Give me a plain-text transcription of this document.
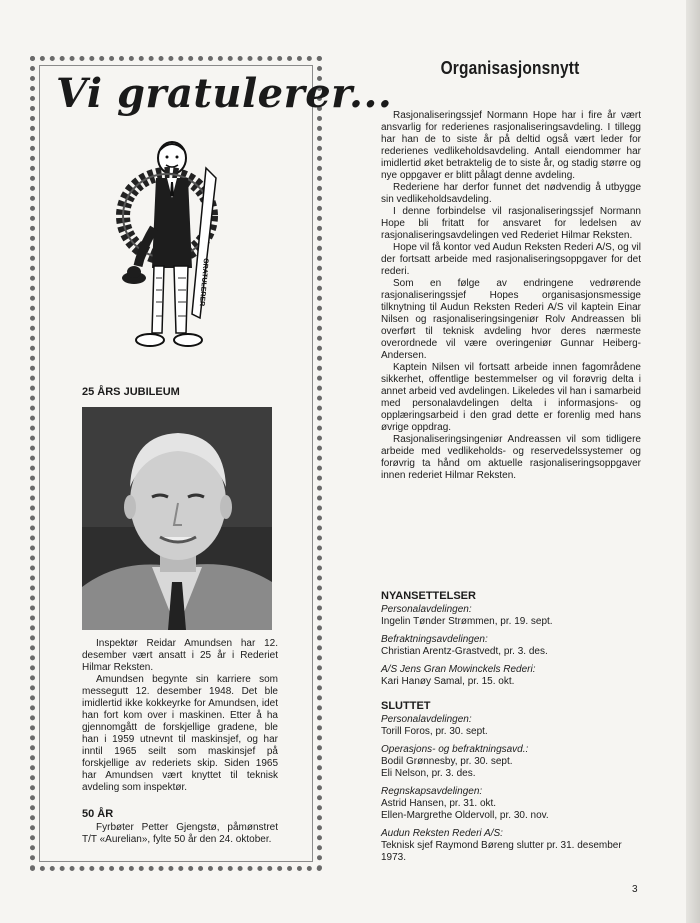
Vi gratulerer...
GRATULERER
25 ÅRS JUBILEUM

Inspektør Reidar Amundsen har 12. desember vært ansatt i 25 år i Rederiet Hilmar Reksten.

Amundsen begynte sin karriere som messegutt 12. desember 1948. Det ble imidlertid ikke kokkeyrke for Amundsen, idet han fort kom over i maskinen. Etter å ha gjennomgått de forskjellige gradene, ble han i 1959 utnevnt til maskinsjef, og har inntil 1965 seilt som maskinsjef på forskjellige av rederiets skip. Siden 1965 har Amundsen vært knyttet til teknisk avdeling som inspektør.

50 ÅR

Fyrbøter Petter Gjengstø, påmønstret T/T «Aurelian», fylte 50 år den 24. oktober.

Organisasjonsnytt

Rasjonaliseringssjef Normann Hope har i fire år vært ansvarlig for rederienes rasjonaliseringsavdeling. I tillegg har han de to siste år på deltid også vært leder for rederienes vedlikeholdsavdeling. Antall eiendommer har imidlertid øket betraktelig de to siste år, og stadig større og nye oppgaver er blitt pålagt denne avdeling.

Rederiene har derfor funnet det nødvendig å utbygge sin vedlikeholdsavdeling.

I denne forbindelse vil rasjonaliseringssjef Normann Hope bli fritatt for ansvaret for ledelsen av rasjonaliseringsavdelingen ved Rederiet Hilmar Reksten.

Hope vil få kontor ved Audun Reksten Rederi A/S, og vil der fortsatt arbeide med rasjonaliseringsoppgaver for det rederi.

Som en følge av endringene vedrørende rasjonaliseringssjef Hopes organisasjonsmessige tilknytning til Audun Reksten Rederi A/S vil kaptein Einar Nilsen og rasjonaliseringsingeniør Rolv Andreassen bli overført til teknisk avdeling hvor deres nærmeste overordnede vil være overingeniør Gunnar Heiberg-Andersen.

Kaptein Nilsen vil fortsatt arbeide innen fagområdene sikkerhet, offentlige bestemmelser og vil forøvrig delta i annet arbeid ved avdelingen. Likeledes vil han i samarbeid med personalavdelingen delta i informasjons- og opplæringsarbeid i den grad dette er forenlig med hans øvrige oppdrag.

Rasjonaliseringsingeniør Andreassen vil som tidligere arbeide med vedlikeholds- og reservedelssystemer og forøvrig ta hånd om aktuelle rasjonaliseringsoppgaver innen rederiet Hilmar Reksten.

NYANSETTELSER
Personalavdelingen:
Ingelin Tønder Strømmen, pr. 19. sept.
Befraktningsavdelingen:
Christian Arentz-Grastvedt, pr. 3. des.
A/S Jens Gran Mowinckels Rederi:
Kari Hanøy Samal, pr. 15. okt.
SLUTTET
Personalavdelingen:
Torill Foros, pr. 30. sept.
Operasjons- og befraktningsavd.:
Bodil Grønnesby, pr. 30. sept.
Eli Nelson, pr. 3. des.
Regnskapsavdelingen:
Astrid Hansen, pr. 31. okt.
Ellen-Margrethe Oldervoll, pr. 30. nov.
Audun Reksten Rederi A/S:
Teknisk sjef Raymond Børeng slutter pr. 31. desember 1973.
3
